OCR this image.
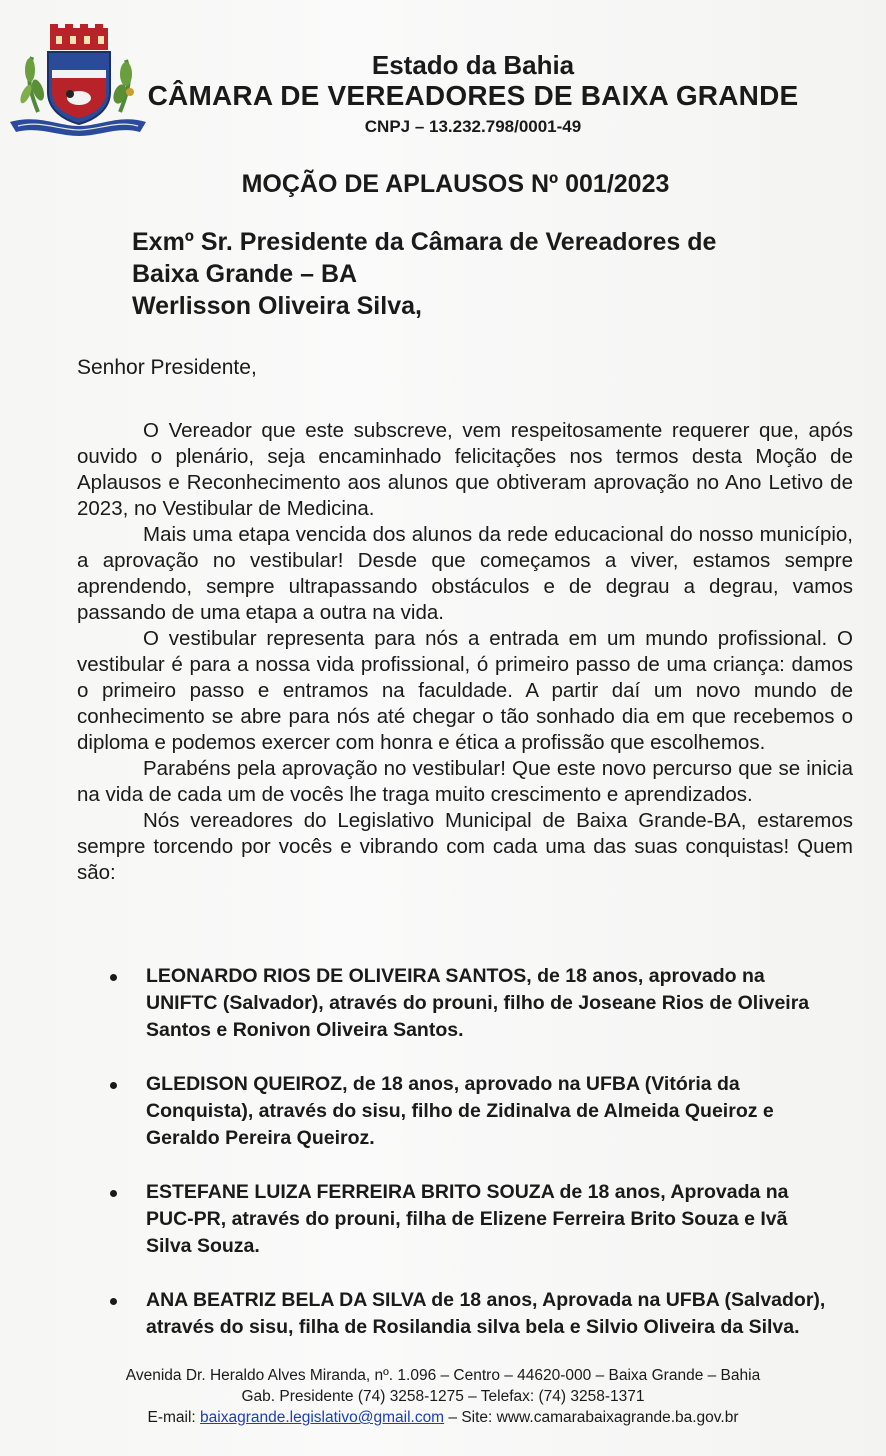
Estado da Bahia
CÂMARA DE VEREADORES DE BAIXA GRANDE
CNPJ – 13.232.798/0001-49
MOÇÃO DE APLAUSOS Nº 001/2023
Exmº Sr. Presidente da Câmara de Vereadores de
Baixa Grande – BA
Werlisson Oliveira Silva,
Senhor Presidente,

O Vereador que este subscreve, vem respeitosamente requerer que, após ouvido o plenário, seja encaminhado felicitações nos termos desta Moção de Aplausos e Reconhecimento aos alunos que obtiveram aprovação no Ano Letivo de 2023, no Vestibular de Medicina.

Mais uma etapa vencida dos alunos da rede educacional do nosso município, a aprovação no vestibular! Desde que começamos a viver, estamos sempre aprendendo, sempre ultrapassando obstáculos e de degrau a degrau, vamos passando de uma etapa a outra na vida.

O vestibular representa para nós a entrada em um mundo profissional. O vestibular é para a nossa vida profissional, ó primeiro passo de uma criança: damos o primeiro passo e entramos na faculdade. A partir daí um novo mundo de conhecimento se abre para nós até chegar o tão sonhado dia em que recebemos o diploma e podemos exercer com honra e ética a profissão que escolhemos.

Parabéns pela aprovação no vestibular! Que este novo percurso que se inicia na vida de cada um de vocês lhe traga muito crescimento e aprendizados.

Nós vereadores do Legislativo Municipal de Baixa Grande-BA, estaremos sempre torcendo por vocês e vibrando com cada uma das suas conquistas! Quem são:

LEONARDO RIOS DE OLIVEIRA SANTOS, de 18 anos, aprovado na UNIFTC (Salvador), através do prouni, filho de Joseane Rios de Oliveira Santos e Ronivon Oliveira Santos.
GLEDISON QUEIROZ, de 18 anos, aprovado na UFBA (Vitória da Conquista), através do sisu, filho de Zidinalva de Almeida Queiroz e Geraldo Pereira Queiroz.
ESTEFANE LUIZA FERREIRA BRITO SOUZA de 18 anos, Aprovada na PUC-PR, através do prouni, filha de Elizene Ferreira Brito Souza e Ivã Silva Souza.
ANA BEATRIZ BELA DA SILVA de 18 anos, Aprovada na UFBA (Salvador), através do sisu, filha de Rosilandia silva bela e Silvio Oliveira da Silva.
Avenida Dr. Heraldo Alves Miranda, nº. 1.096 – Centro – 44620-000 – Baixa Grande – Bahia
Gab. Presidente (74) 3258-1275 – Telefax: (74) 3258-1371
E-mail: baixagrande.legislativo@gmail.com – Site: www.camarabaixagrande.ba.gov.br
